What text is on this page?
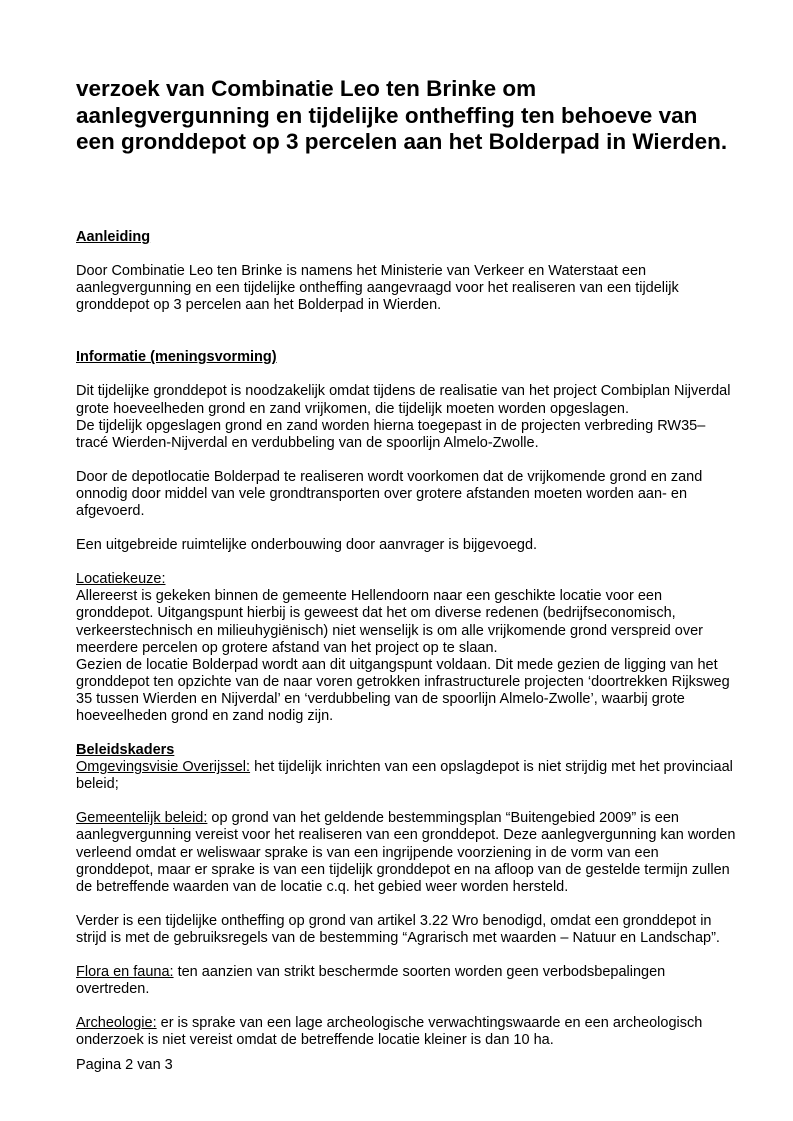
verzoek van Combinatie Leo ten Brinke om aanlegvergunning en tijdelijke ontheffing ten behoeve van een gronddepot op 3 percelen aan het Bolderpad in Wierden.

Aanleiding

Door Combinatie Leo ten Brinke is namens het Ministerie van Verkeer en Waterstaat een aanlegvergunning en een tijdelijke ontheffing aangevraagd voor het realiseren van een tijdelijk gronddepot op 3 percelen aan het Bolderpad in Wierden.

Informatie (meningsvorming)

Dit tijdelijke gronddepot is noodzakelijk omdat tijdens de realisatie van het project Combiplan Nijverdal grote hoeveelheden grond en zand vrijkomen, die tijdelijk moeten worden opgeslagen.

De tijdelijk opgeslagen grond en zand worden hierna toegepast in de projecten verbreding RW35–tracé Wierden-Nijverdal en verdubbeling van de spoorlijn Almelo-Zwolle.

Door de depotlocatie Bolderpad te realiseren wordt voorkomen dat de vrijkomende grond en zand onnodig door middel van vele grondtransporten over grotere afstanden moeten worden aan- en afgevoerd.

Een uitgebreide ruimtelijke onderbouwing door aanvrager is bijgevoegd.

Locatiekeuze:

Allereerst is gekeken binnen de gemeente Hellendoorn naar een geschikte locatie voor een gronddepot. Uitgangspunt hierbij is geweest dat het om diverse redenen (bedrijfseconomisch, verkeerstechnisch en milieuhygiënisch) niet wenselijk is om alle vrijkomende grond verspreid over meerdere percelen op grotere afstand van het project op te slaan.

Gezien de locatie Bolderpad wordt aan dit uitgangspunt voldaan. Dit mede gezien de ligging van het gronddepot ten opzichte van de naar voren getrokken infrastructurele projecten ‘doortrekken Rijksweg 35 tussen Wierden en Nijverdal’ en ‘verdubbeling van de spoorlijn Almelo-Zwolle’, waarbij grote hoeveelheden grond en zand nodig zijn.

Beleidskaders

Omgevingsvisie Overijssel: het tijdelijk inrichten van een opslagdepot is niet strijdig met het provinciaal beleid;

Gemeentelijk beleid: op grond van het geldende bestemmingsplan “Buitengebied 2009” is een aanlegvergunning vereist voor het realiseren van een gronddepot. Deze aanlegvergunning kan worden verleend omdat er weliswaar sprake is van een ingrijpende voorziening in de vorm van een gronddepot, maar er sprake is van een tijdelijk gronddepot en na afloop van de gestelde termijn zullen de betreffende waarden van de locatie c.q. het gebied weer worden hersteld.

Verder is een tijdelijke ontheffing op grond van artikel 3.22 Wro benodigd, omdat een gronddepot in strijd is met de gebruiksregels van de bestemming “Agrarisch met waarden – Natuur en Landschap”.

Flora en fauna: ten aanzien van strikt beschermde soorten worden geen verbodsbepalingen overtreden.

Archeologie: er is sprake van een lage archeologische verwachtingswaarde en een archeologisch onderzoek is niet vereist omdat de betreffende locatie kleiner is dan 10 ha.

Pagina 2 van 3
